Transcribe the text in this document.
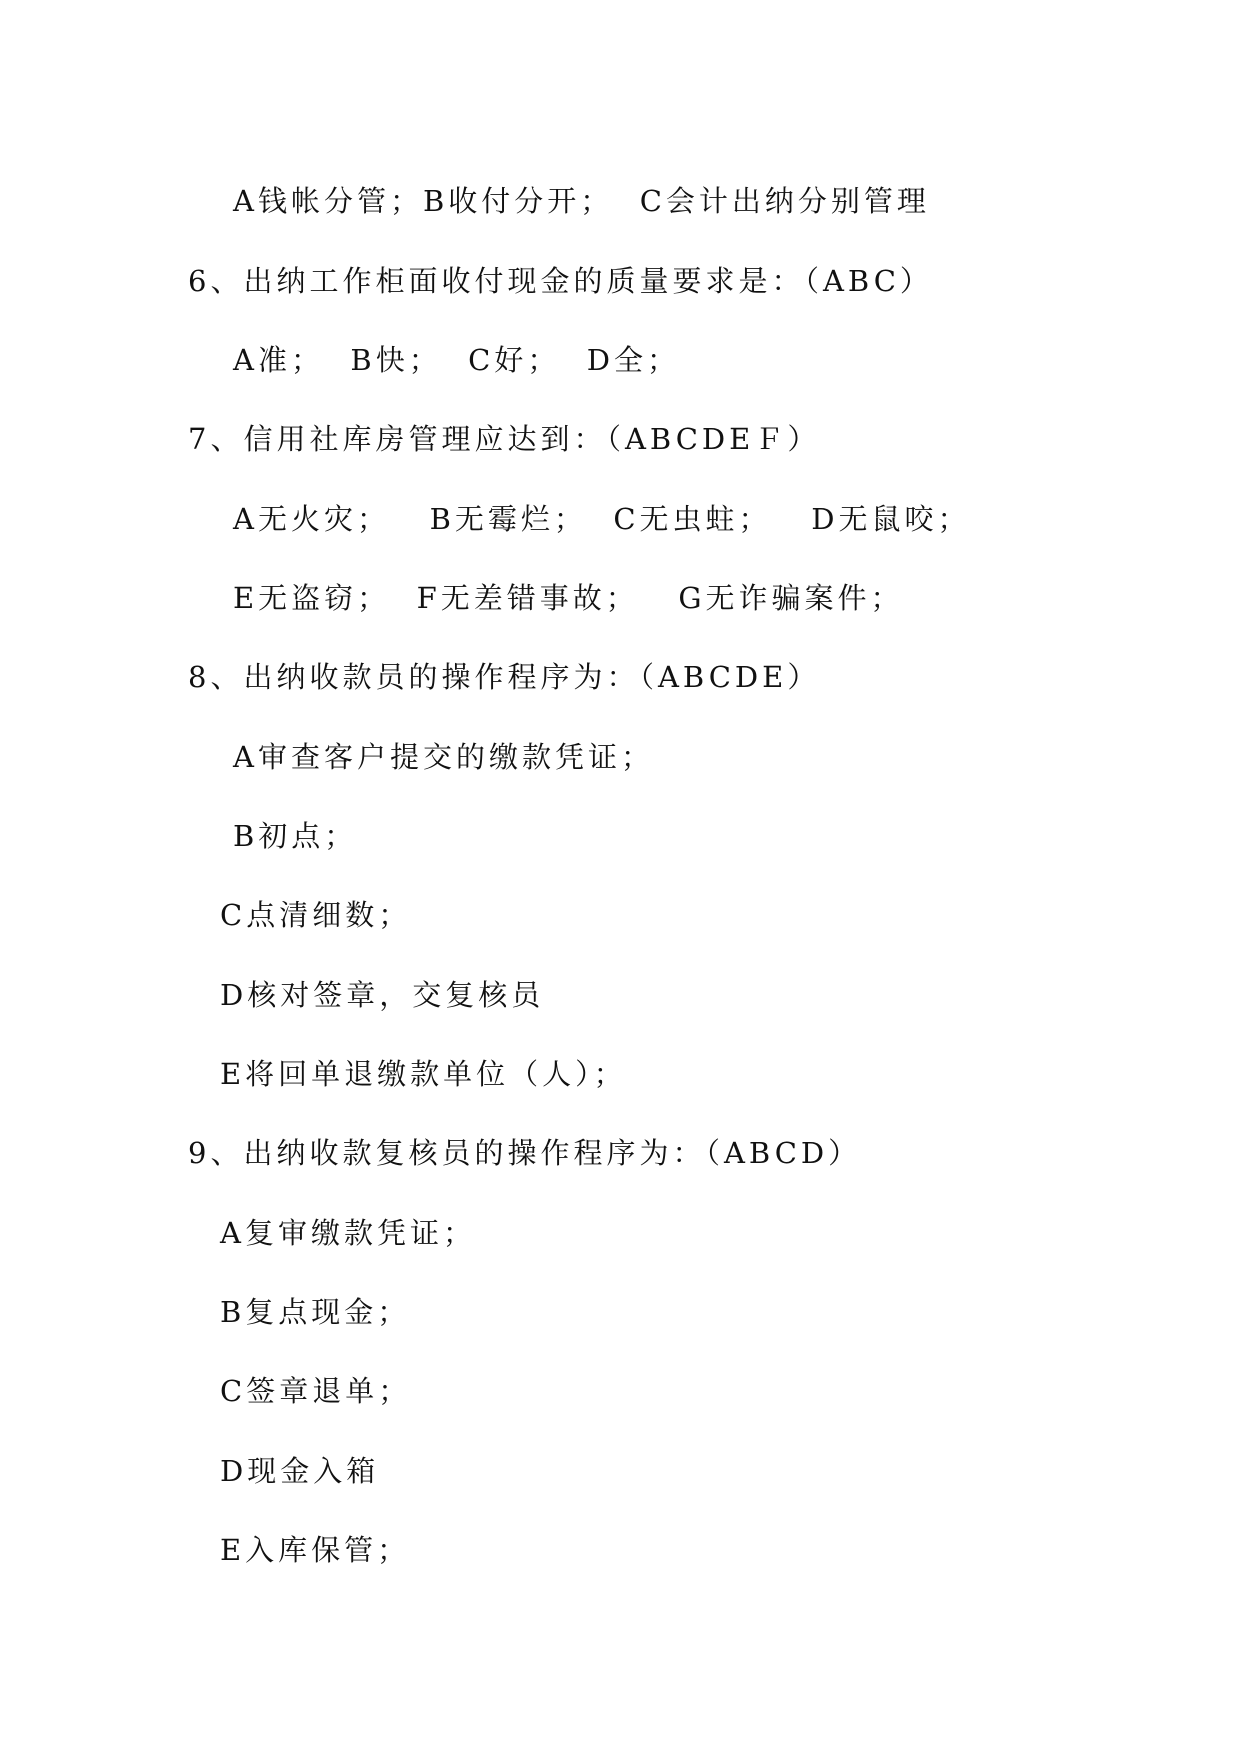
A钱帐分管；B收付分开；  C会计出纳分别管理
6、出纳工作柜面收付现金的质量要求是：（ABC）
A准；  B快；  C好；  D全；
7、信用社库房管理应达到：（ABCDEＦ）
A无火灾；   B无霉烂；  C无虫蛀；   D无鼠咬；
E无盗窃；  F无差错事故；   G无诈骗案件；
8、出纳收款员的操作程序为：（ABCDE）
A审查客户提交的缴款凭证；
B初点；
C点清细数；
D核对签章，交复核员
E将回单退缴款单位（人）；
9、出纳收款复核员的操作程序为：（ABCD）
A复审缴款凭证；
B复点现金；
C签章退单；
D现金入箱
E入库保管；
